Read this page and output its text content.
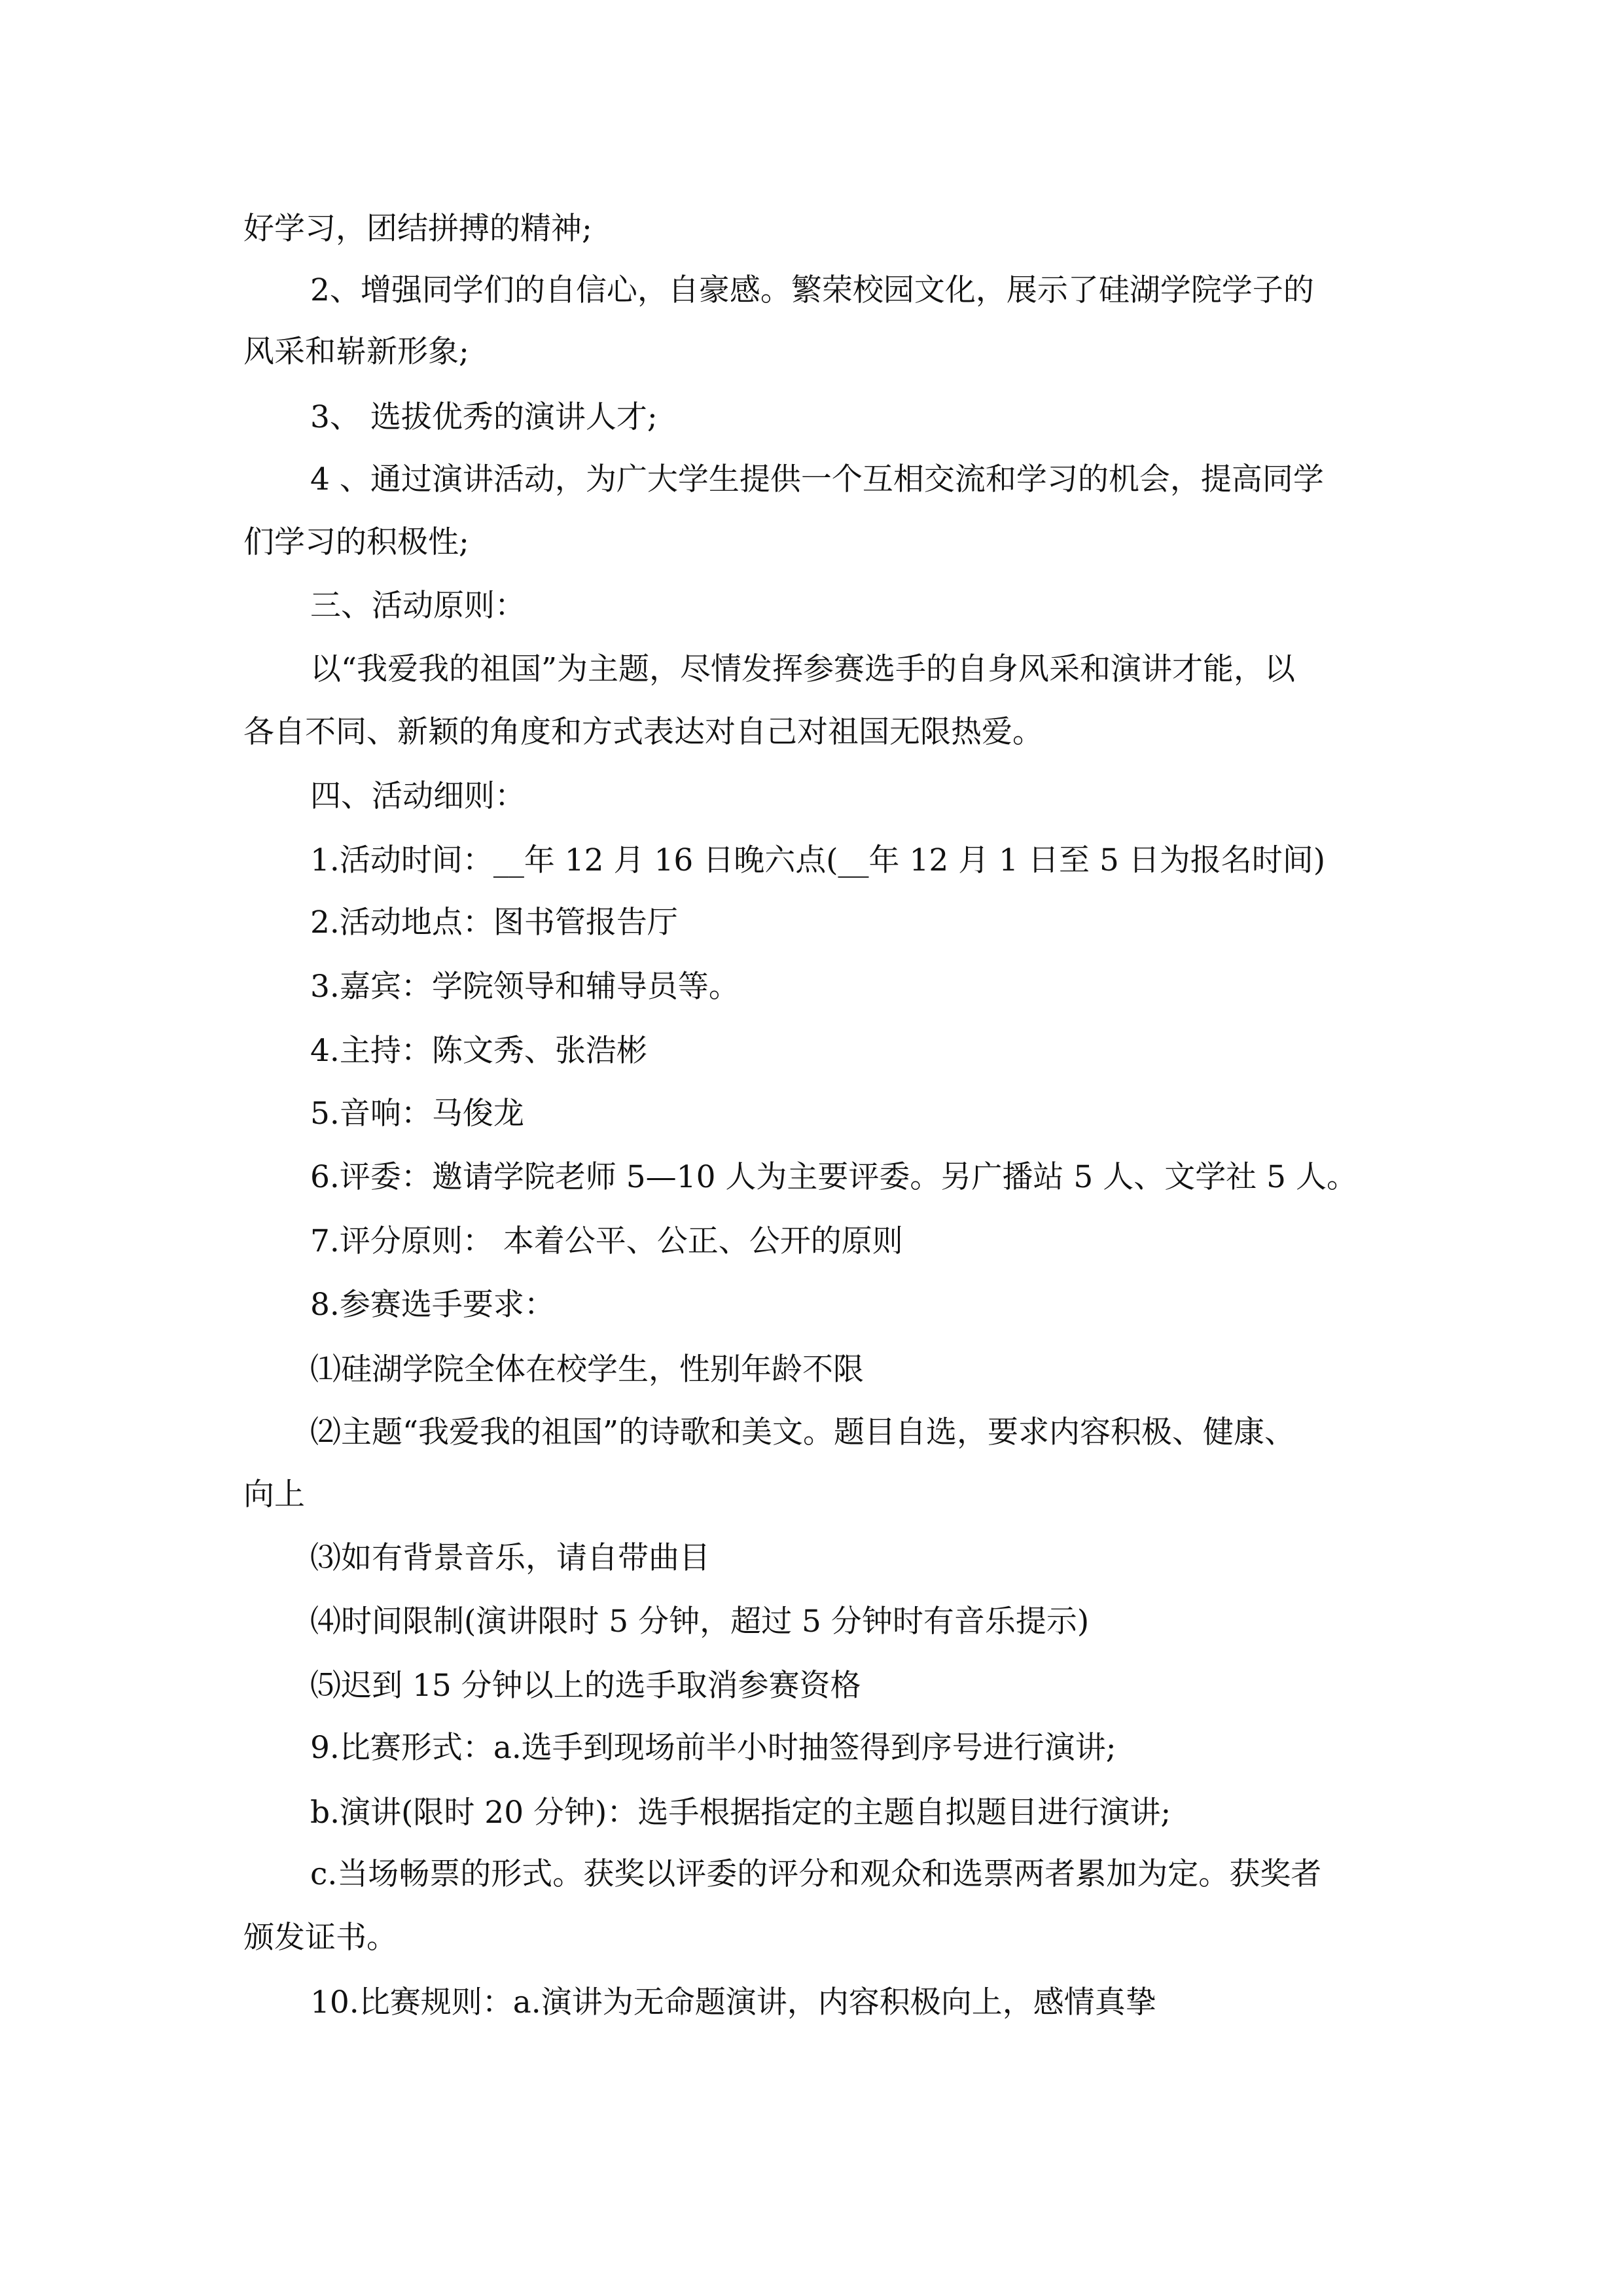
好学习，团结拼搏的精神;

2、增强同学们的自信心，自豪感。繁荣校园文化，展示了硅湖学院学子的

风采和崭新形象;

3、 选拔优秀的演讲人才;

4 、通过演讲活动，为广大学生提供一个互相交流和学习的机会，提高同学

们学习的积极性;

三、活动原则：

以“我爱我的祖国”为主题，尽情发挥参赛选手的自身风采和演讲才能，以

各自不同、新颖的角度和方式表达对自己对祖国无限热爱。

四、活动细则：

1.活动时间：__年 12 月 16 日晚六点(__年 12 月 1 日至 5 日为报名时间)

2.活动地点：图书管报告厅

3.嘉宾：学院领导和辅导员等。

4.主持：陈文秀、张浩彬

5.音响：马俊龙

6.评委：邀请学院老师 5—10 人为主要评委。另广播站 5 人、文学社 5 人。

7.评分原则： 本着公平、公正、公开的原则

8.参赛选手要求：

⑴硅湖学院全体在校学生，性别年龄不限

⑵主题“我爱我的祖国”的诗歌和美文。题目自选，要求内容积极、健康、

向上

⑶如有背景音乐，请自带曲目

⑷时间限制(演讲限时 5 分钟，超过 5 分钟时有音乐提示)

⑸迟到 15 分钟以上的选手取消参赛资格

9.比赛形式：a.选手到现场前半小时抽签得到序号进行演讲;

b.演讲(限时 20 分钟)：选手根据指定的主题自拟题目进行演讲;

c.当场畅票的形式。获奖以评委的评分和观众和选票两者累加为定。获奖者

颁发证书。

10.比赛规则：a.演讲为无命题演讲，内容积极向上，感情真挚
